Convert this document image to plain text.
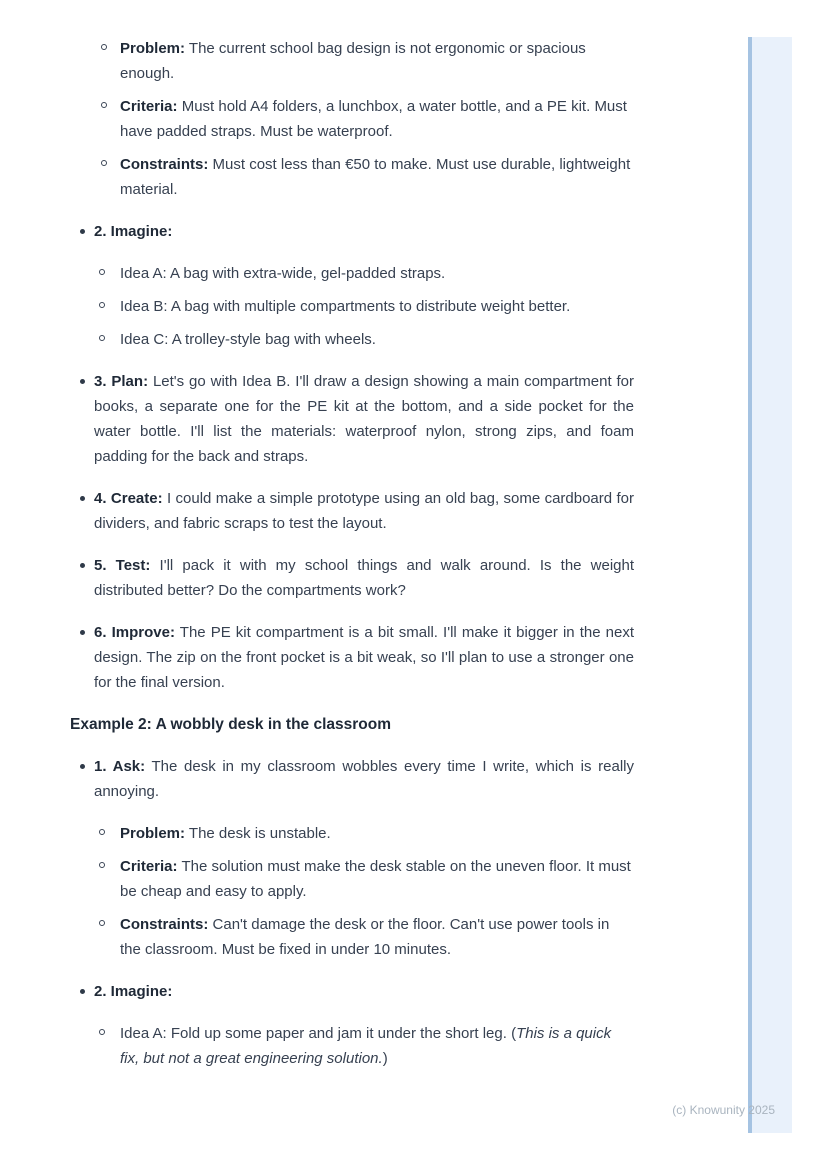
Problem: The current school bag design is not ergonomic or spacious enough.
Criteria: Must hold A4 folders, a lunchbox, a water bottle, and a PE kit. Must have padded straps. Must be waterproof.
Constraints: Must cost less than €50 to make. Must use durable, lightweight material.
2. Imagine:
Idea A: A bag with extra-wide, gel-padded straps.
Idea B: A bag with multiple compartments to distribute weight better.
Idea C: A trolley-style bag with wheels.
3. Plan: Let's go with Idea B. I'll draw a design showing a main compartment for books, a separate one for the PE kit at the bottom, and a side pocket for the water bottle. I'll list the materials: waterproof nylon, strong zips, and foam padding for the back and straps.
4. Create: I could make a simple prototype using an old bag, some cardboard for dividers, and fabric scraps to test the layout.
5. Test: I'll pack it with my school things and walk around. Is the weight distributed better? Do the compartments work?
6. Improve: The PE kit compartment is a bit small. I'll make it bigger in the next design. The zip on the front pocket is a bit weak, so I'll plan to use a stronger one for the final version.
Example 2: A wobbly desk in the classroom
1. Ask: The desk in my classroom wobbles every time I write, which is really annoying.
Problem: The desk is unstable.
Criteria: The solution must make the desk stable on the uneven floor. It must be cheap and easy to apply.
Constraints: Can't damage the desk or the floor. Can't use power tools in the classroom. Must be fixed in under 10 minutes.
2. Imagine:
Idea A: Fold up some paper and jam it under the short leg. (This is a quick fix, but not a great engineering solution.)
(c) Knowunity 2025
